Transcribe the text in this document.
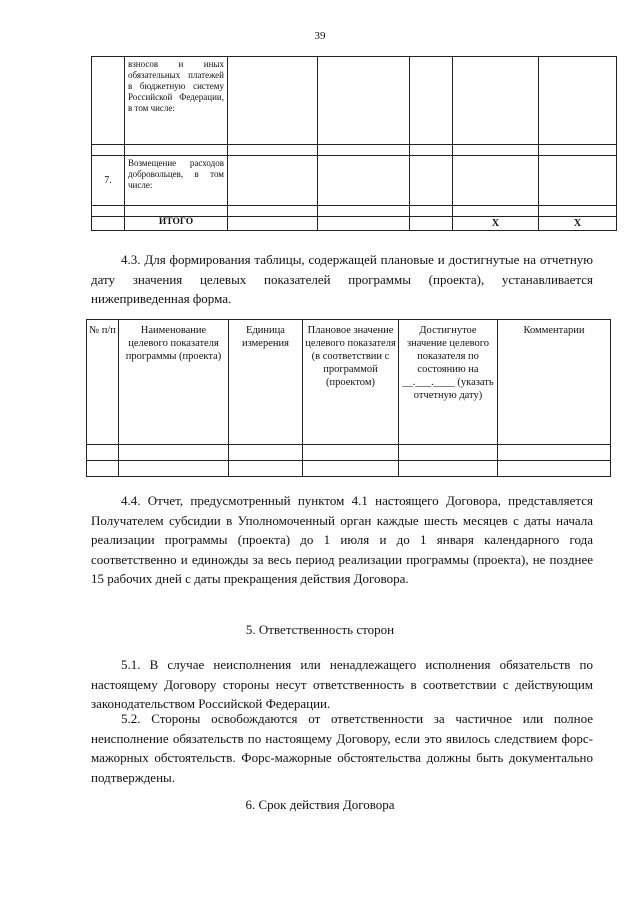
39
	взносов и иных обязательных платежей в бюджетную систему Российской Федерации, в том числе:						

7.	Возмещение расходов добровольцев, в том числе:						

	ИТОГО				X	X	
4.3. Для формирования таблицы, содержащей плановые и достигнутые на отчетную дату значения целевых показателей программы (проекта), устанавливается нижеприведенная форма.
№ п/п	Наименование целевого показателя программы (проекта)	Единица измерения	Плановое значение целевого показателя (в соответствии с программой (проектом)	Достигнутое значение целевого показателя по состоянию на __.___.____ (указать отчетную дату)	Комментарии

4.4. Отчет, предусмотренный пунктом 4.1 настоящего Договора, представляется Получателем субсидии в Уполномоченный орган каждые шесть месяцев с даты начала реализации программы (проекта) до 1 июля и до 1 января календарного года соответственно и единожды за весь период реализации программы (проекта), не позднее 15 рабочих дней с даты прекращения действия Договора.
5. Ответственность сторон
5.1. В случае неисполнения или ненадлежащего исполнения обязательств по настоящему Договору стороны несут ответственность в соответствии с действующим законодательством Российской Федерации.
5.2. Стороны освобождаются от ответственности за частичное или полное неисполнение обязательств по настоящему Договору, если это явилось следствием форс-мажорных обстоятельств. Форс-мажорные обстоятельства должны быть документально подтверждены.
6. Срок действия Договора
